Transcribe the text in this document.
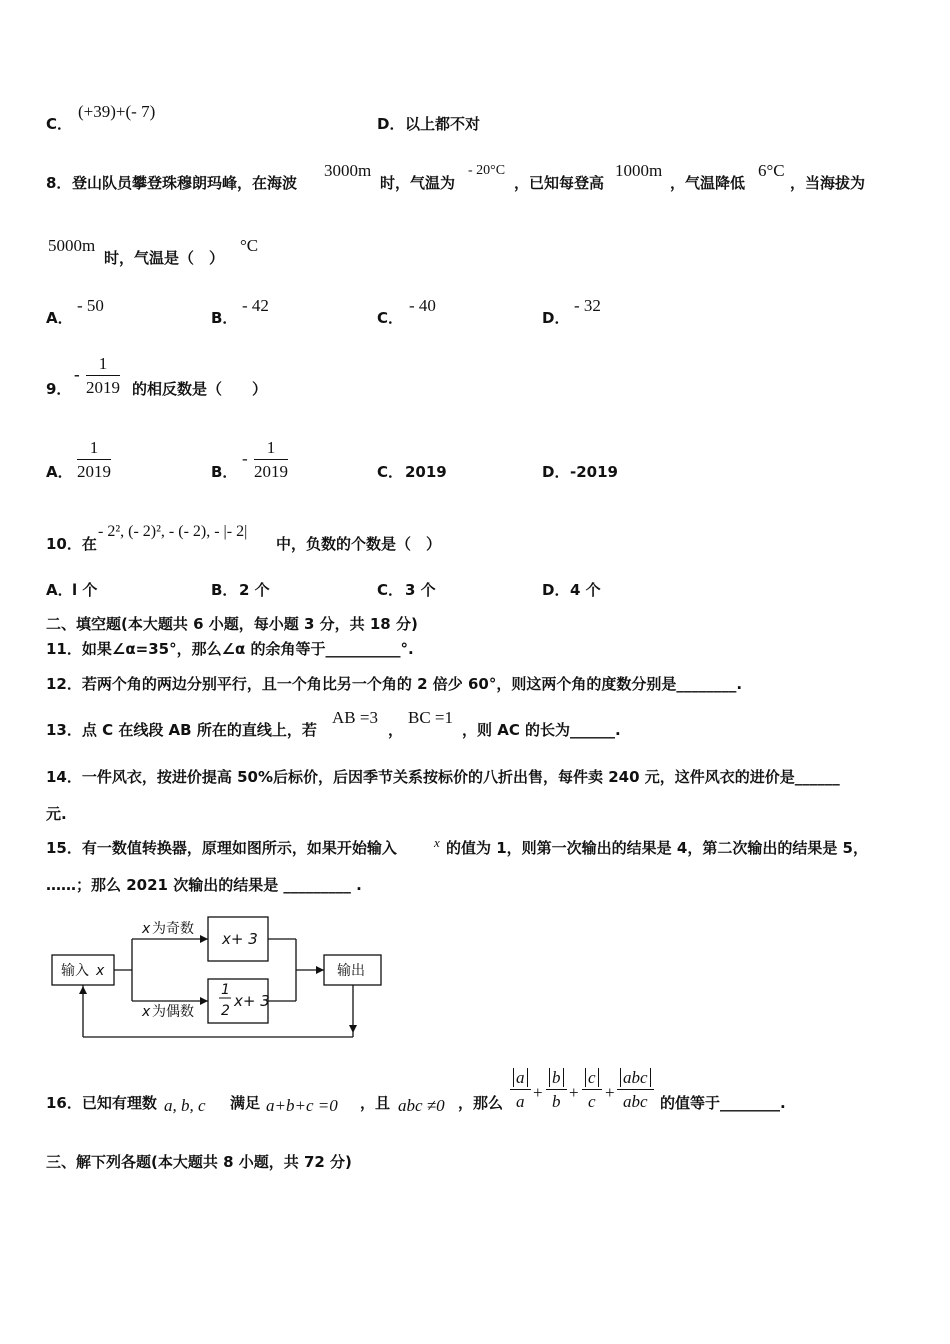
C．
(+39)+(- 7)
D． 以上都不对
8． 登山队员攀登珠穆朗玛峰，在海波
3000m
时，气温为
- 20°C
，已知每登高
1000m
，气温降低
6°C
，当海拔为
5000m
时，气温是（　）
°C
A．
- 50
B．
- 42
C．
- 40
D．
- 32
9．
-
1
2019 的相反数是（　　）
A．
1
2019	B．
-
1
2019	C． 2019	D． -2019
10．在
- 2², (- 2)², - (- 2), - |- 2|
中，负数的个数是（　）
A． l 个	B． 2 个	C． 3 个	D． 4 个
二、填空题(本大题共 6 小题，每小题 3 分，共 18 分)
11．如果∠α=35°，那么∠α 的余角等于__________°.
12．若两个角的两边分别平行，且一个角比另一个角的 2 倍少 60°，则这两个角的度数分别是________.
13．点 C 在线段 AB 所在的直线上，若
AB =3
，
BC =1
，则 AC 的长为______.
14．一件风衣，按进价提高 50%后标价，后因季节关系按标价的八折出售，每件卖 240 元，这件风衣的进价是______
元.
15．有一数值转换器，原理如图所示，如果开始输入	x 的值为 1，则第一次输出的结果是 4，第二次输出的结果是 5，
……；那么 2021 次输出的结果是 _________ .
输入 x
x 为奇数
x 为偶数
x+ 3
1
2
x+ 3
输出
16．已知有理数 a, b, c 满足 a+b+c =0 ，且 abc ≠0 ，那么
a
a +
b
b +
c
c +
abc
abc 的值等于________.
三、解下列各题(本大题共 8 小题，共 72 分)
